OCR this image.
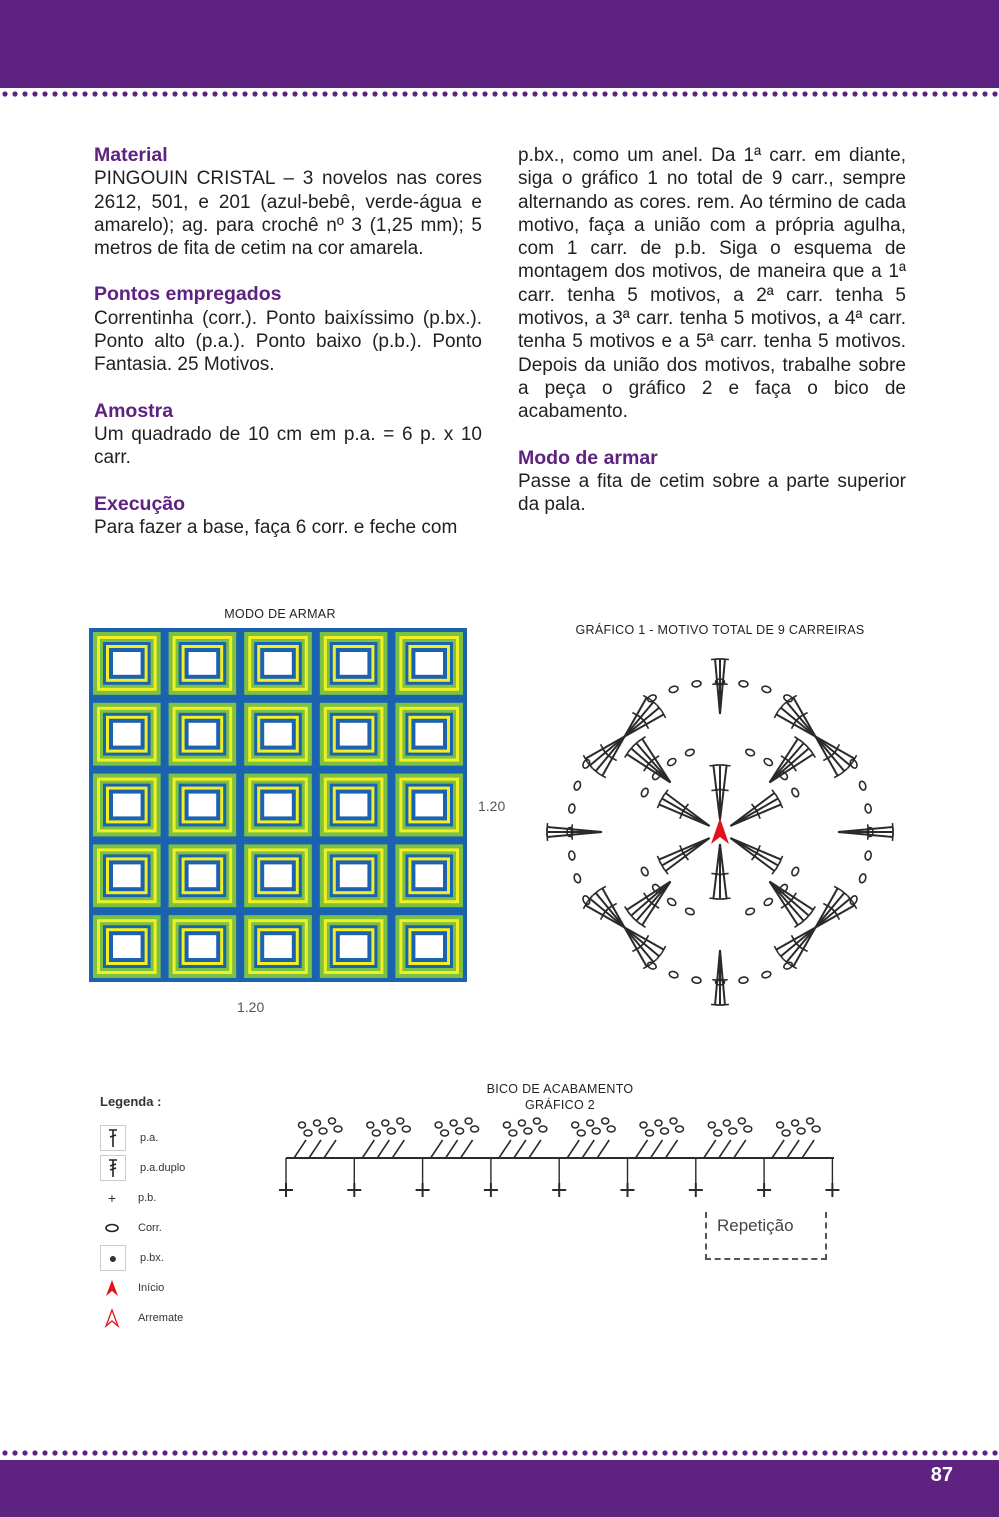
Material

PINGOUIN CRISTAL – 3 novelos nas cores 2612, 501, e 201 (azul-bebê, verde-água e amarelo); ag. para crochê nº 3 (1,25 mm); 5 metros de fita de cetim na cor amarela.

Pontos empregados

Correntinha (corr.). Ponto baixíssimo (p.bx.). Ponto alto (p.a.). Ponto baixo (p.b.). Ponto Fantasia. 25 Motivos.

Amostra

Um quadrado de 10 cm em p.a. = 6 p. x 10 carr.

Execução

Para fazer a base, faça 6 corr. e feche com

p.bx., como um anel. Da 1ª carr. em diante, siga o gráfico 1 no total de 9 carr., sempre alternando as cores. rem. Ao término de cada motivo, faça a união com a própria agulha, com 1 carr. de p.b. Siga o esquema de montagem dos motivos, de maneira que a 1ª carr. tenha 5 motivos, a 2ª carr. tenha 5 motivos, a 3ª carr. tenha 5 motivos, a 4ª carr. tenha 5 motivos e a 5ª carr. tenha 5 motivos. Depois da união dos motivos, trabalhe sobre a peça o gráfico 2 e faça o bico de acabamento.

Modo de armar

Passe a fita de cetim sobre a parte superior da pala.

MODO DE ARMAR
1.20
1.20
GRÁFICO 1 - MOTIVO TOTAL DE 9 CARREIRAS
BICO DE ACABAMENTO
GRÁFICO 2
Repetição
Legenda :
p.a.
p.a.duplo
+	p.b.
Corr.
●	p.bx.
Início
Arremate
87
